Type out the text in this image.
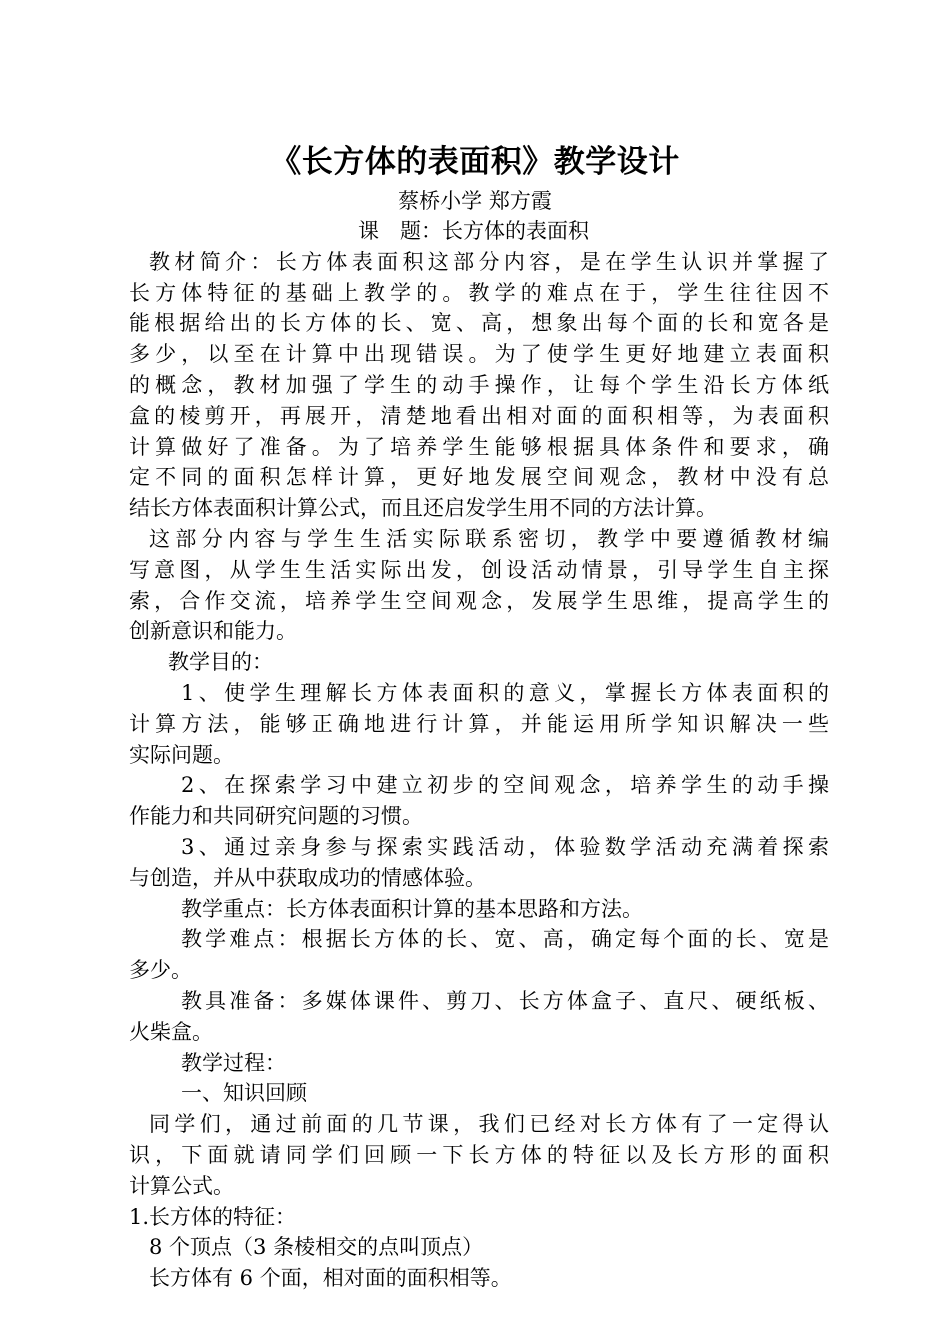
《长方体的表面积》教学设计
蔡桥小学 郑方霞
课　题：长方体的表面积
教材简介：长方体表面积这部分内容，是在学生认识并掌握了
长方体特征的基础上教学的。教学的难点在于，学生往往因不
能根据给出的长方体的长、宽、高，想象出每个面的长和宽各是
多少，以至在计算中出现错误。为了使学生更好地建立表面积
的概念，教材加强了学生的动手操作，让每个学生沿长方体纸
盒的棱剪开，再展开，清楚地看出相对面的面积相等，为表面积
计算做好了准备。为了培养学生能够根据具体条件和要求，确
定不同的面积怎样计算，更好地发展空间观念，教材中没有总
结长方体表面积计算公式，而且还启发学生用不同的方法计算。
这部分内容与学生生活实际联系密切，教学中要遵循教材编
写意图，从学生生活实际出发，创设活动情景，引导学生自主探
索，合作交流，培养学生空间观念，发展学生思维，提高学生的
创新意识和能力。
教学目的：
1、使学生理解长方体表面积的意义，掌握长方体表面积的
计算方法，能够正确地进行计算，并能运用所学知识解决一些
实际问题。
2、在探索学习中建立初步的空间观念，培养学生的动手操
作能力和共同研究问题的习惯。
3、通过亲身参与探索实践活动，体验数学活动充满着探索
与创造，并从中获取成功的情感体验。
教学重点：长方体表面积计算的基本思路和方法。
教学难点：根据长方体的长、宽、高，确定每个面的长、宽是
多少。
教具准备：多媒体课件、剪刀、长方体盒子、直尺、硬纸板、
火柴盒。
教学过程：
一、知识回顾
同学们，通过前面的几节课，我们已经对长方体有了一定得认
识，下面就请同学们回顾一下长方体的特征以及长方形的面积
计算公式。
1.长方体的特征：
8 个顶点（3 条棱相交的点叫顶点）
长方体有 6 个面，相对面的面积相等。
